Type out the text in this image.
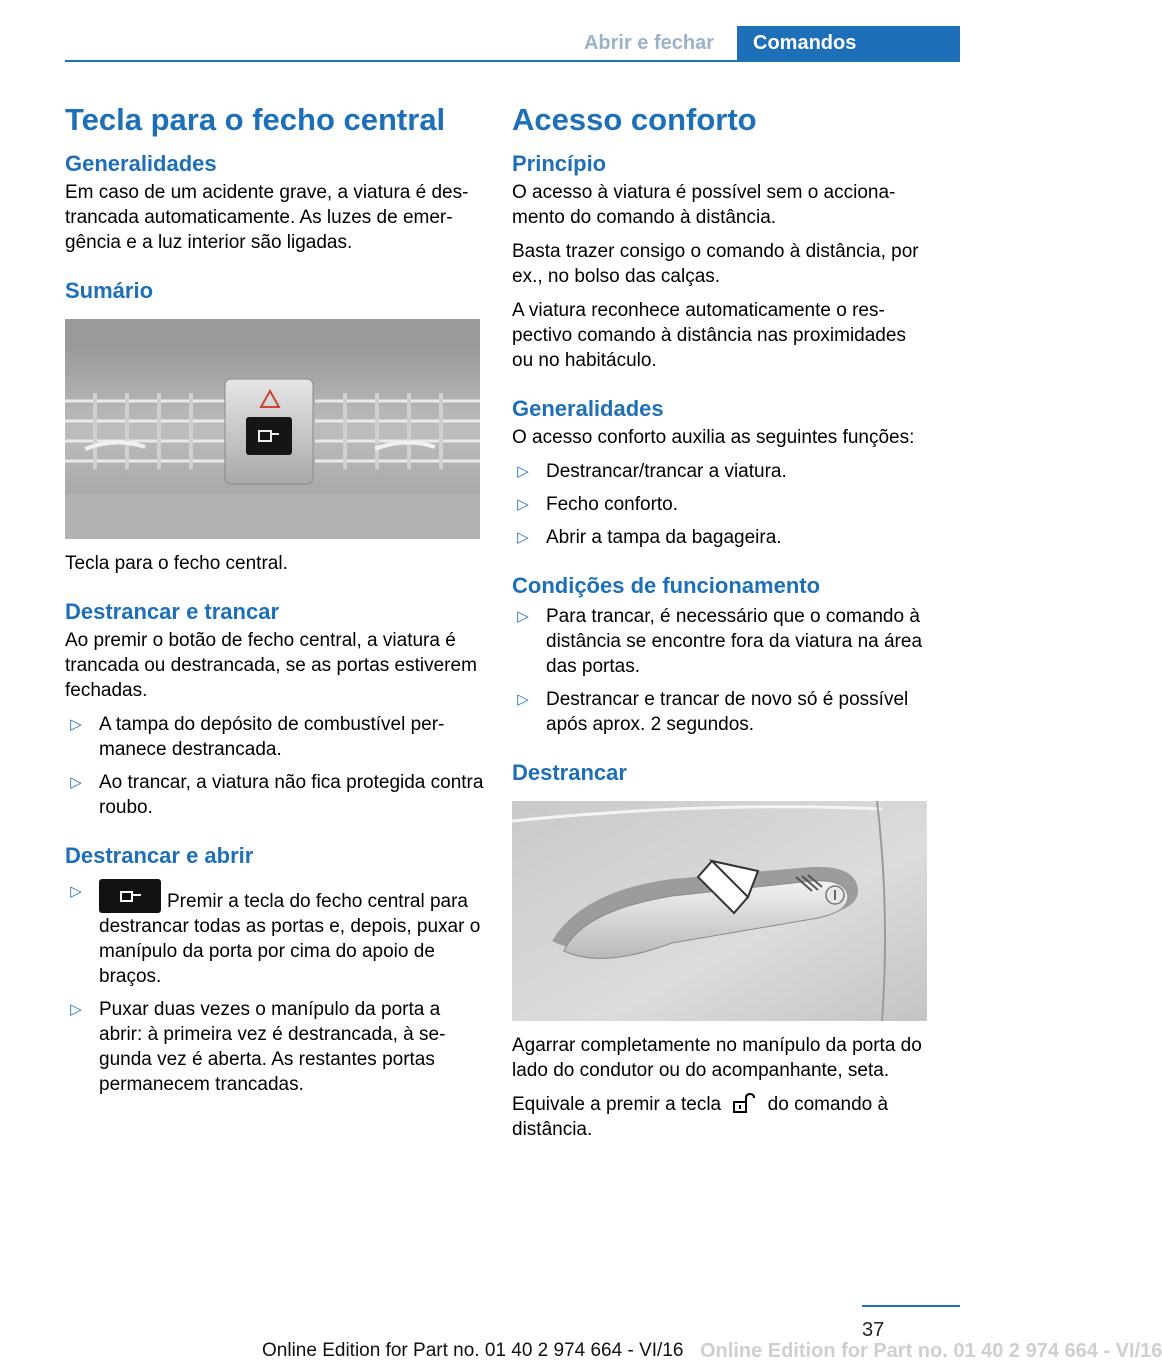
Abrir e fechar	Comandos
Tecla para o fecho central
Generalidades

Em caso de um acidente grave, a viatura é destrancada automaticamente. As luzes de emergência e a luz interior são ligadas.

Sumário
Tecla para o fecho central.
Destrancar e trancar

Ao premir o botão de fecho central, a viatura é trancada ou destrancada, se as portas estiverem fechadas.

▷ A tampa do depósito de combustível permanece destrancada.
▷ Ao trancar, a viatura não fica protegida contra roubo.
Destrancar e abrir
▷	Premir a tecla do fecho central para destrancar todas as portas e, depois, puxar o manípulo da porta por cima do apoio de braços.
▷ Puxar duas vezes o manípulo da porta a abrir: à primeira vez é destrancada, à segunda vez é aberta. As restantes portas permanecem trancadas.
Acesso conforto
Princípio

O acesso à viatura é possível sem o accionamento do comando à distância.

Basta trazer consigo o comando à distância, por ex., no bolso das calças.

A viatura reconhece automaticamente o respectivo comando à distância nas proximidades ou no habitáculo.

Generalidades

O acesso conforto auxilia as seguintes funções:

▷ Destrancar/trancar a viatura.
▷ Fecho conforto.
▷ Abrir a tampa da bagageira.
Condições de funcionamento
▷ Para trancar, é necessário que o comando à distância se encontre fora da viatura na área das portas.
▷ Destrancar e trancar de novo só é possível após aprox. 2 segundos.
Destrancar
Agarrar completamente no manípulo da porta do lado do condutor ou do acompanhante, seta.

Equivale a premir a tecla do comando à distância.

37
Online Edition for Part no. 01 40 2 974 664 - VI/16 Online Edition for Part no. 01 40 2 974 664 - VI/16
